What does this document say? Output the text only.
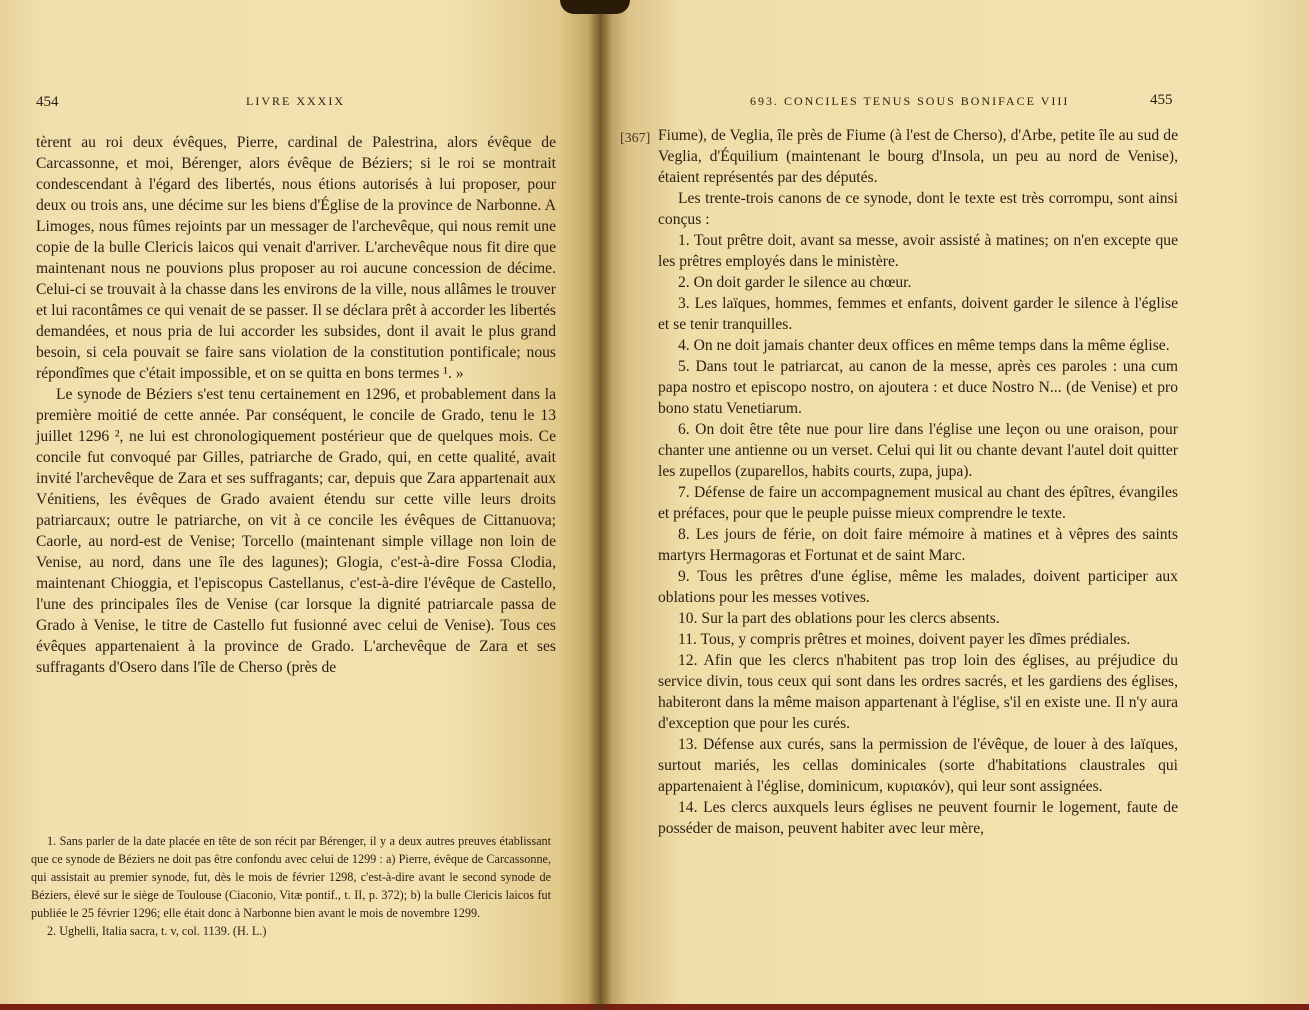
454	LIVRE XXXIX

tèrent au roi deux évêques, Pierre, cardinal de Palestrina, alors évêque de Carcassonne, et moi, Bérenger, alors évêque de Béziers; si le roi se montrait condescendant à l'égard des libertés, nous étions autorisés à lui proposer, pour deux ou trois ans, une décime sur les biens d'Église de la province de Narbonne. A Limoges, nous fûmes rejoints par un messager de l'archevêque, qui nous remit une copie de la bulle Clericis laicos qui venait d'arriver. L'archevêque nous fit dire que maintenant nous ne pouvions plus proposer au roi aucune concession de décime. Celui-ci se trouvait à la chasse dans les environs de la ville, nous allâmes le trouver et lui racontâmes ce qui venait de se passer. Il se déclara prêt à accorder les libertés demandées, et nous pria de lui accorder les subsides, dont il avait le plus grand besoin, si cela pouvait se faire sans violation de la constitution pontificale; nous répondîmes que c'était impossible, et on se quitta en bons termes ¹. »

Le synode de Béziers s'est tenu certainement en 1296, et probablement dans la première moitié de cette année. Par conséquent, le concile de Grado, tenu le 13 juillet 1296 ², ne lui est chronologiquement postérieur que de quelques mois. Ce concile fut convoqué par Gilles, patriarche de Grado, qui, en cette qualité, avait invité l'archevêque de Zara et ses suffragants; car, depuis que Zara appartenait aux Vénitiens, les évêques de Grado avaient étendu sur cette ville leurs droits patriarcaux; outre le patriarche, on vit à ce concile les évêques de Cittanuova; Caorle, au nord-est de Venise; Torcello (maintenant simple village non loin de Venise, au nord, dans une île des lagunes); Glogia, c'est-à-dire Fossa Clodia, maintenant Chioggia, et l'episcopus Castellanus, c'est-à-dire l'évêque de Castello, l'une des principales îles de Venise (car lorsque la dignité patriarcale passa de Grado à Venise, le titre de Castello fut fusionné avec celui de Venise). Tous ces évêques appartenaient à la province de Grado. L'archevêque de Zara et ses suffragants d'Osero dans l'île de Cherso (près de

1. Sans parler de la date placée en tête de son récit par Bérenger, il y a deux autres preuves établissant que ce synode de Béziers ne doit pas être confondu avec celui de 1299 : a) Pierre, évêque de Carcassonne, qui assistait au premier synode, fut, dès le mois de février 1298, c'est-à-dire avant le second synode de Béziers, élevé sur le siège de Toulouse (Ciaconio, Vitæ pontif., t. II, p. 372); b) la bulle Clericis laicos fut publiée le 25 février 1296; elle était donc à Narbonne bien avant le mois de novembre 1299.

2. Ughelli, Italia sacra, t. v, col. 1139. (H. L.)

693. CONCILES TENUS SOUS BONIFACE VIII	455
[367] Fiume), de Veglia, île près de Fiume (à l'est de Cherso), d'Arbe, petite île au sud de Veglia, d'Équilium (maintenant le bourg d'Insola, un peu au nord de Venise), étaient représentés par des députés.

Les trente-trois canons de ce synode, dont le texte est très corrompu, sont ainsi conçus :

1. Tout prêtre doit, avant sa messe, avoir assisté à matines; on n'en excepte que les prêtres employés dans le ministère.

2. On doit garder le silence au chœur.

3. Les laïques, hommes, femmes et enfants, doivent garder le silence à l'église et se tenir tranquilles.

4. On ne doit jamais chanter deux offices en même temps dans la même église.

5. Dans tout le patriarcat, au canon de la messe, après ces paroles : una cum papa nostro et episcopo nostro, on ajoutera : et duce Nostro N... (de Venise) et pro bono statu Venetiarum.

6. On doit être tête nue pour lire dans l'église une leçon ou une oraison, pour chanter une antienne ou un verset. Celui qui lit ou chante devant l'autel doit quitter les zupellos (zuparellos, habits courts, zupa, jupa).

7. Défense de faire un accompagnement musical au chant des épîtres, évangiles et préfaces, pour que le peuple puisse mieux comprendre le texte.

8. Les jours de férie, on doit faire mémoire à matines et à vêpres des saints martyrs Hermagoras et Fortunat et de saint Marc.

9. Tous les prêtres d'une église, même les malades, doivent participer aux oblations pour les messes votives.

10. Sur la part des oblations pour les clercs absents.

11. Tous, y compris prêtres et moines, doivent payer les dîmes prédiales.

12. Afin que les clercs n'habitent pas trop loin des églises, au préjudice du service divin, tous ceux qui sont dans les ordres sacrés, et les gardiens des églises, habiteront dans la même maison appartenant à l'église, s'il en existe une. Il n'y aura d'exception que pour les curés.

13. Défense aux curés, sans la permission de l'évêque, de louer à des laïques, surtout mariés, les cellas dominicales (sorte d'habitations claustrales qui appartenaient à l'église, dominicum, κυριακόν), qui leur sont assignées.

14. Les clercs auxquels leurs églises ne peuvent fournir le logement, faute de posséder de maison, peuvent habiter avec leur mère,
